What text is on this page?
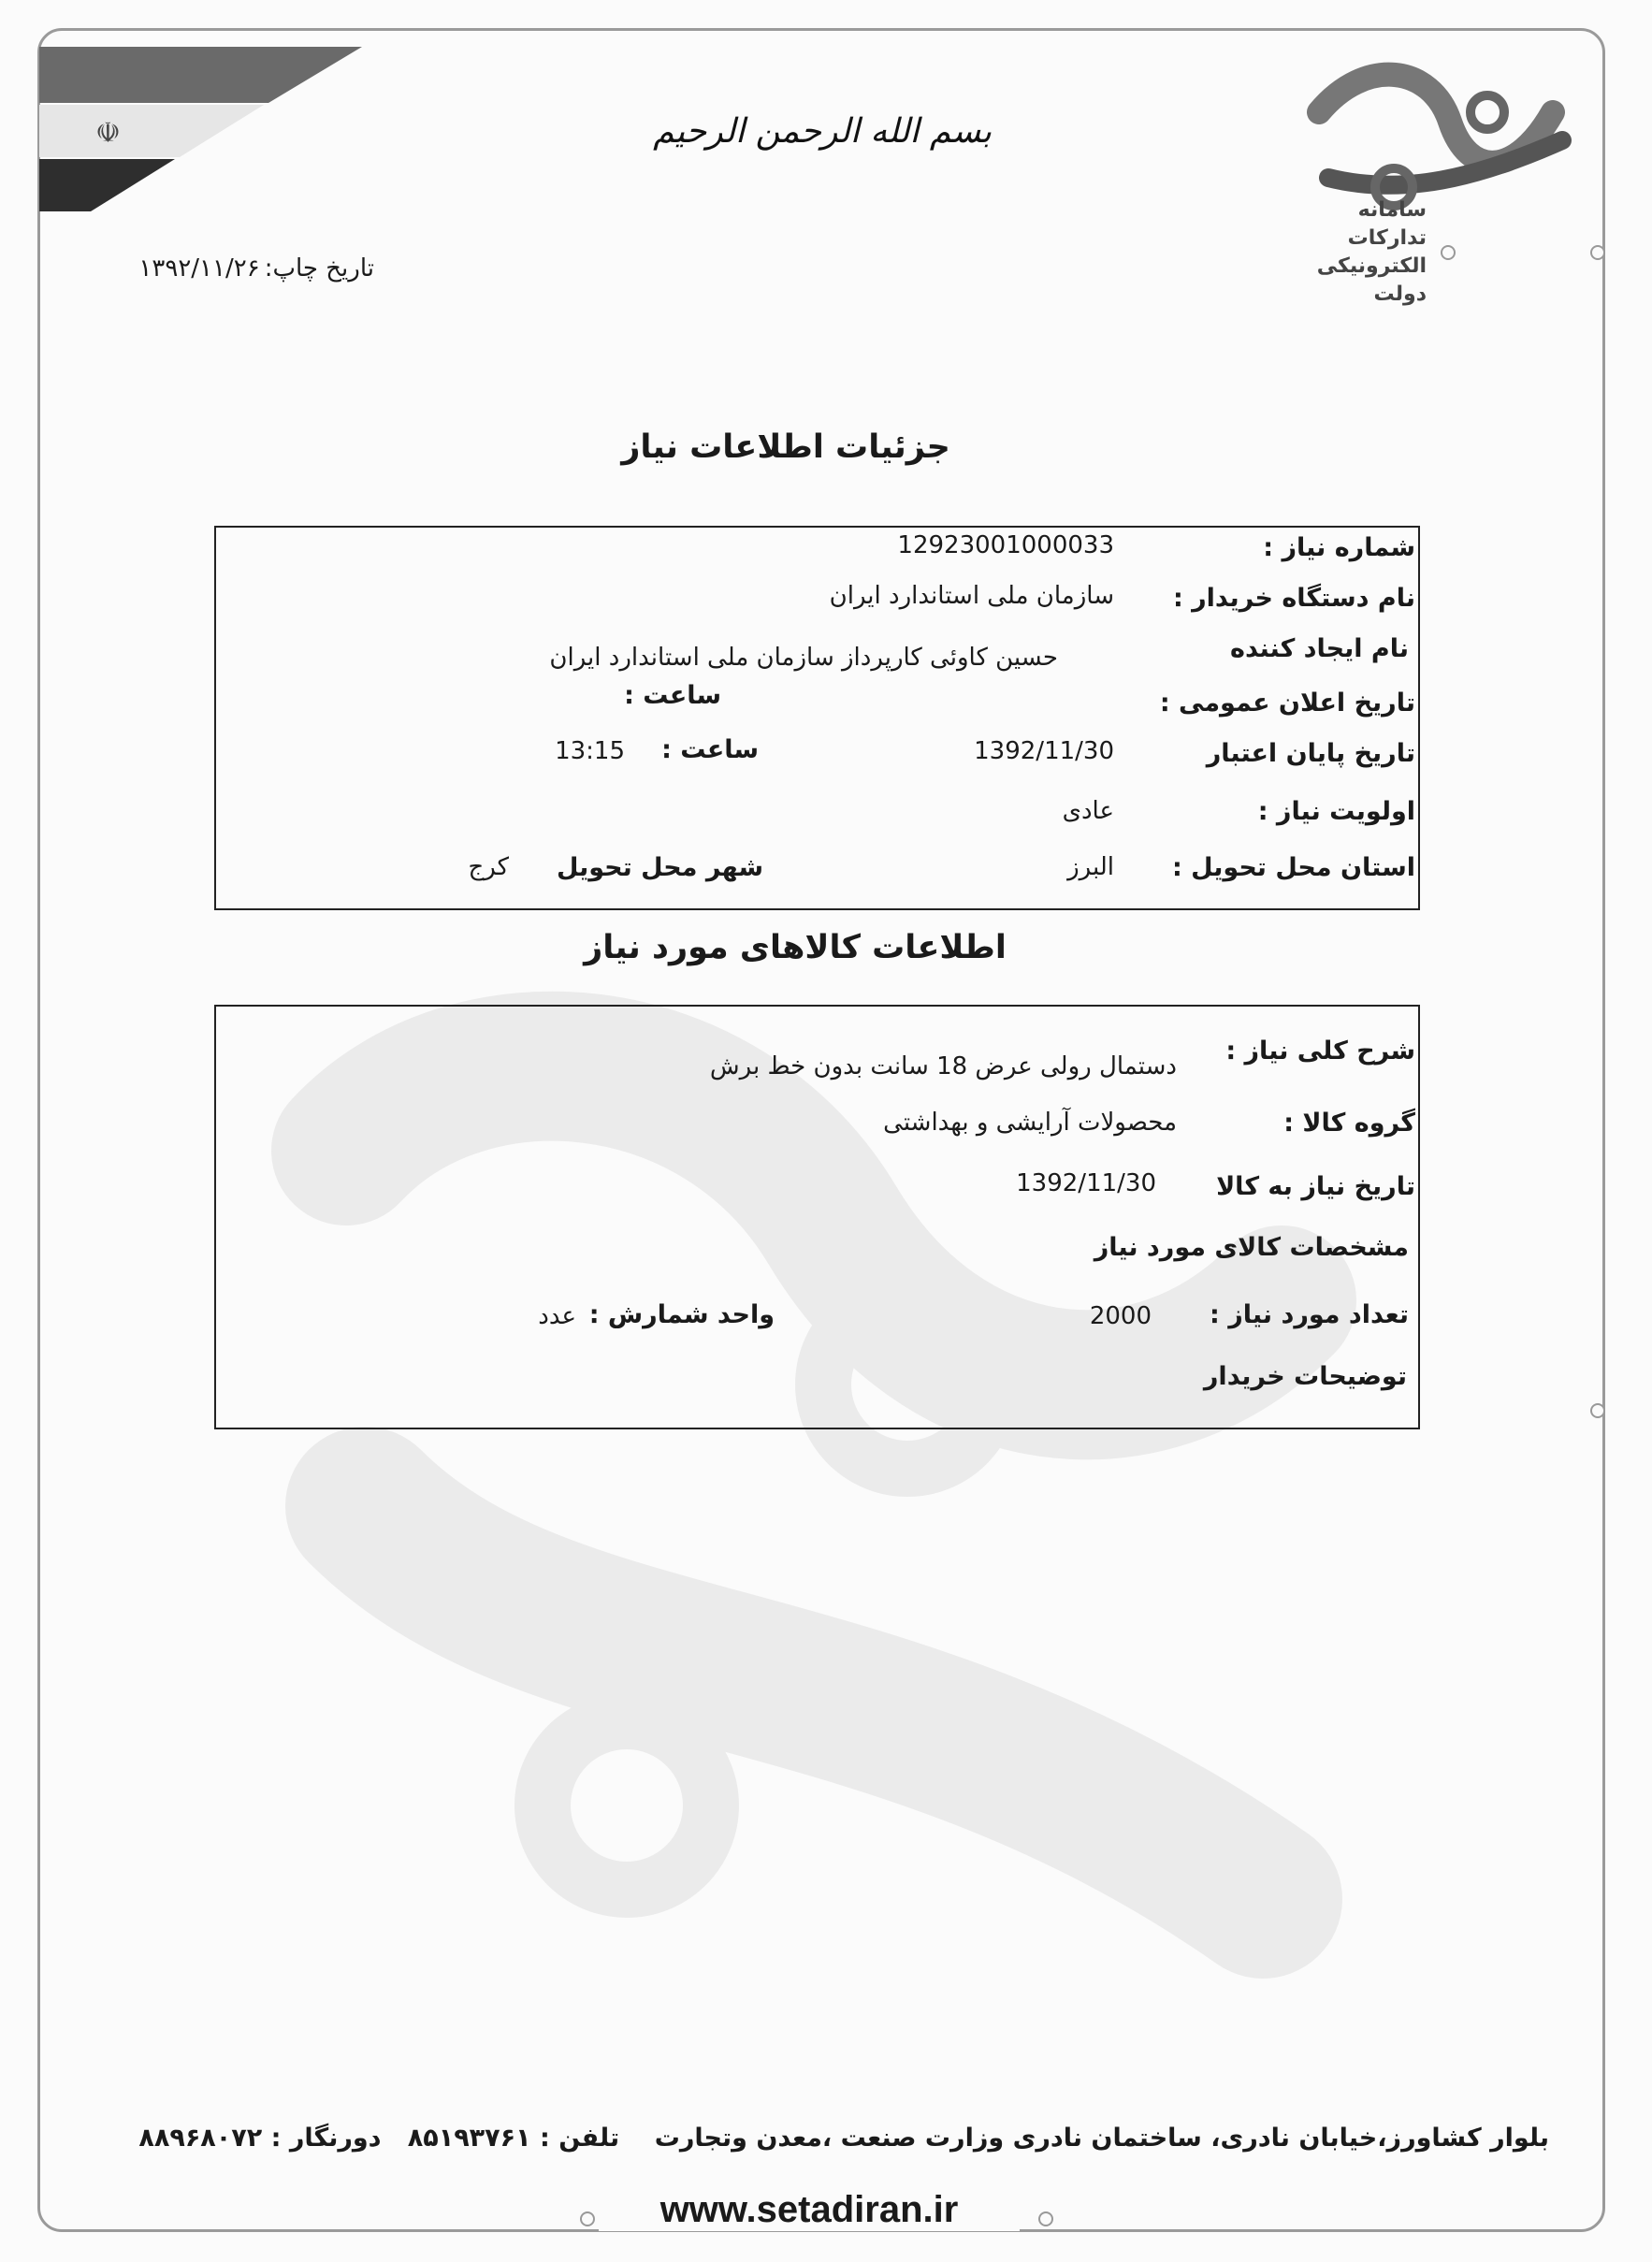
☫	بسم الله الرحمن الرحیم
سامانه تدارکات الکترونیکی دولت
تاریخ چاپ: ۱۳۹۲/۱۱/۲۶
جزئیات اطلاعات نیاز
شماره نیاز :
12923001000033
نام دستگاه خریدار :
سازمان ملی استاندارد ایران
نام ایجاد کننده
حسین کاوئی کارپرداز سازمان ملی استاندارد ایران
تاریخ اعلان عمومی :
ساعت :
تاریخ پایان اعتبار
1392/11/30
ساعت :
13:15
اولویت نیاز :
عادی
استان محل تحویل :
البرز
شهر محل تحویل
کرج
اطلاعات کالاهای مورد نیاز
شرح کلی نیاز :
دستمال رولی عرض 18 سانت بدون خط برش
گروه کالا :
محصولات آرایشی و بهداشتی
تاریخ نیاز به کالا
1392/11/30
مشخصات کالای مورد نیاز
تعداد مورد نیاز :
2000
واحد شمارش :
عدد
توضیحات خریدار
بلوار کشاورز،خیابان نادری، ساختمان نادری وزارت صنعت ،معدن وتجارت    تلفن : ۸۵۱۹۳۷۶۱   دورنگار : ۸۸۹۶۸۰۷۲
www.setadiran.ir
